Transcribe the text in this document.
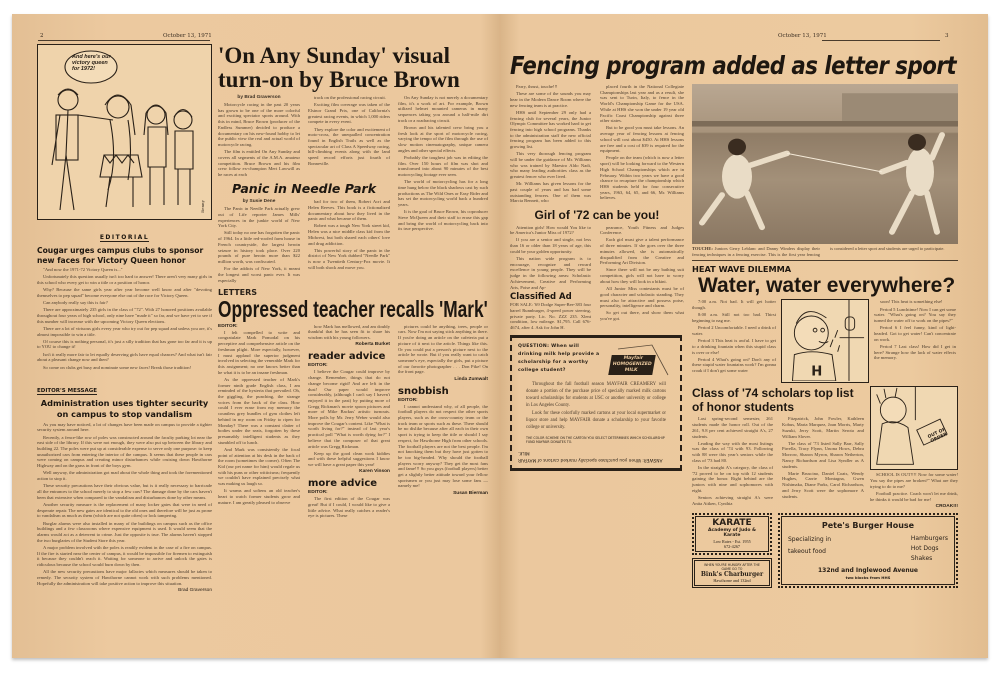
2	October 13, 1971
And here's our victory queen for 1972!
Benny
EDITORIAL
Cougar urges campus clubs to sponsor new faces for Victory Queen honor

"And now the 1971-72 Victory Queen is..."

Unfortunately this question usually isn't too hard to answer! There aren't very many girls in this school who every get to win a title or a position of honor.

Why? Because the same girls year after year become well know and after "devoting themselves to pep squad" become everyone else out of the race for Victory Queen.

Can anybody really say this is fair?

There are approximately 235 girls in the class of "72". With 27 honored positions available throughout four years of high school, only nine have "made it" so far, and we have yet to see if this number will increase with the upcoming Victory Queen elections.

There are a lot of virtuous girls every year who try out for pep squad and unless you are, it's almost impossible to win a title.

Of course this is nothing personal, it's just a silly tradition that has gone too far and it is up to YOU to change it!

Isn't it really more fair to let equally deserving girls have equal chances? And what isn't fair about a pleasant change now and then?

So come on clubs get busy and nominate some new faces! Break those tradition!

EDITOR'S MESSAGE
Administration uses tighter security on campus to stop vandalism

As you may have noticed, a lot of changes have been made on campus to provide a tighter security system around here.

Recently, a fence-like row of poles was constructed around the faculty parking lot near the east side of the library. If this were not enough, they were also put up between the library and building 22. The poles were put up at considerable expense to serve only one purpose: to keep unauthorized cars from entering the interior of the campus. It seems that these people in cars were coming on campus and creating minor disturbances while cruising down Hawthorne Highway and on the grass in front of the boys gym.

Well anyway, the administration got mad about the whole thing and took the forementioned action to stop it.

These security precautions have their obvious value, but is it really necessary to barricade all the entrances to the school merely to stop a few cars? The damage done by the cars haven't been that extensive when compared to the vandalism and disturbances done by other means.

Another security measure is the replacement of many locker gates that were in need of desperate repair. The new gates are identical to the old ones and therefore will be just as prone to vandalism as much as them (which are not quite often) or lock tampering.

Burglar alarms were also installed in many of the buildings on campus such as the office buildings and a few classrooms where expensive equipment is used. It would seem that the alarms would act as a deterrent to crime. Just the opposite is true. The alarms haven't stopped the two burglaries of the Student Store this year.

A major problem involved with the poles is readily evident in the case of a fire on campus. If the fire is started near the center of campus, it would be impossible for firemen to extinguish it because they couldn't reach it. Waiting for someone to arrive and unlock the gates is ridiculous because the school would burn down by then.

All the new security precautions have major fallacies which measures should be taken to remedy. The security system of Hawthorne cannot work with such problems mentioned. Hopefully the administration will take positive action to improve this situation.

Brad Graverson
'On Any Sunday' visual turn-on by Bruce Brown
by Brad Graverson

Motorcycle racing in the past 20 years has grown to be one of the more colorful and exciting spectator sports around. With this in mind, Bruce Brown (producer of the Endless Summer) decided to produce a documentary on his new-found hobby to let the public view the real and actual world of motorcycle racing.

The film is entitled On Any Sunday and covers all segments of the A.M.A. amateur competition. Bruce Brown and his film crew follow ex-champion Mert Lawwill as he races at each

track on the professional racing circuit.

Exciting film coverage was taken of the Elsinor Grand Prix, one of California's greatest racing events, in which 1,000 riders compete in every event.

They explore the color and excitement of moto-cross, the unequalled concentration found in English Trails as well as the spectacular art of Class A Speedway racing, hill-climbing events along with the land speed record efforts just fourth of Bonneville.

On Any Sunday is not merely a documentary film, it's a work of art. For example, Brown utilized helmet mounted cameras in many sequences taking you around a half-mile dirt track or a roadracing circuit.

Brown and his talented crew bring you a fresh look at the sport of motorcycle racing, varying the tempo of the film through the use of slow motion cinematography, unique camera angles and other special effects.

Probably the toughest job was in editing the film. Over 150 hours of film was shot and transformed into about 90 minutes of the best motorcycling footage ever seen.

The world of motorcycling has for a long time hung below the black shadows cast by such productions as The Wild Ones or Easy Rider and has set the motorcycling world back a hundred years.

It is the goal of Bruce Brown, his coproducer Steve McQueen and their staff to erase this gap and bring the world of motorcycling back into its true perspective.

Panic in Needle Park
by Susie Dene

The Panic in Needle Park actually grew out of Life reporter James Mills' experiences in the junkie world of New York City.

Still today no one has forgotten the panic of 1964. In a little red-roofed farm house in French countryside, the largest heroin seizure in history took place. Over 220 pounds of pure heroin more than $22 million worth, was confiscated.

For the addicts of New York, it meant the longest and worst panic ever. It was especially

bad for two of them, Robert Acri and Helen Reeves. This book is a fictionalized documentary about how they lived in the panic and what became of them.

Robert was a tough New York street kid, Helen was a nice middle class kid from the Midwest, but both shared each others' love and drug addiction.

This powerful story of the panic in the district of New York dubbed "Needle Park" is now a Twentieth Century-Fox movie. It will both shock and move you.

LETTERS
Oppressed teacher recalls 'Mark'
EDITOR:

I felt compelled to write and congratulate Mark Pomodal on his perceptive and comprehensive article on the freshman plight. More especially, however, I must applaud the superior judgment involved in selecting the venerable Mark for this assignment; no one knows better than he what it is to be an insane freshman.

As the oppressed teacher of Mark's former ninth grade English class, I am reminded of the hysteria that prevailed. Oh, the giggling, the punching, the strange voices from the back of the class. How could I ever erase from my memory the countless grey bundles of gym clothes left behind in my room on Friday to ripen for Monday? There was a constant clatter of bodies under the seats, forgotten by these presumably intelligent students as they stumbled off to lunch.

And Mark was consistently the focal point of attention at his desk in the back of the room (sometimes the corner). Often The Kid (our pet name for him) would regale us with his puns or other witticisms; frequently we couldn't have explained precisely what was making us laugh so.

It warms and softens an old teacher's heart to watch former students grow and mature. I am greatly pleased to observe

how Mark has mellowed, and am doubly thankful that he has seen fit to share his wisdom with his young followers.

Roberta Burket
reader advice
EDITOR:

I believe the Cougar could improve by change. Remember, things that do not change become rigid! And are left in the dust! Our paper would improve considerably, (although I can't say I haven't enjoyed it in the past) by putting more of Gregg Rickman's movie spoon pictures and more of Mike Backus' artistic turnouts. More polls by Mr. Jerry Weber would also improve the Cougar's content. Like "What is worth living for?" instead of last year's practical poll "What is worth dying for?" I believe that the composer of that great article was Gregg Rickman.

Keep up the good clean work kiddies and with these helpful suggestions I know we will have a great paper this year!

Karen Vinson
more advice
EDITOR:

The first edition of the Cougar was great! But if I could, I would like to give a little advice. What really catches a reader's eye is pictures. These

pictures could be anything, trees, people or cars. Now I'm not saying stick anything in there. If you're doing an article on the cafeteria put a picture of it next to the article. Things like this. Or you could put a person's picture next to the article he wrote. But if you really want to catch someone's eye, especially the girls, put a picture of our favorite photographer . . . Don Pike! On the front page.

Linda Zumwalt
snobbish
EDITOR:

I cannot understand why, of all people, the football players do not respect the other sports players, such as the cross-country team or the track team or sports such as these. There should be no dislike because after all each in their own sport is trying to keep the title or should I say respect, for Hawthorne High from other schools. The football players are not the best people. I'm not knocking them but they have just gotten to be too big-headed. Why should the football players worry anyway? They get the most fans and fame!!! So you guys (football players) better get a slightly better attitude toward your fellow sportsmen or you just may lose some fans —namely me!

Susan Bierman
October 13, 1971	3
Fencing program added as letter sport

Parry, thrust, touche!!!

These are some of the sounds you may hear in the Modern Dance Room where the new fencing team is at practice.

HHS until September 29 only had a fencing club for several years, the Junior Olympic Committee has worked hard to get fencing into high school programs. Thanks to the administration staff the new official fencing program has been added to this growing list.

This very thorough fencing program will be under the guidance of Mr. Williams who was trained by Maestro Aldo Nadi, who many leading authorities class as the greatest fencer who ever lived.

Mr. Williams has given lessons for the past couple of years and has had some outstanding fencers. One of them was Marcia Bennett, who

placed fourth in the National Collegiate Championships last year and as a result, she was sent to Turin, Italy, to fence in the World's Championship Game for the USA. While at HHS she won the under 19 year old Pacific Coast Championship against three other states.

But to be good you must take lessons. An average year of fencing lessons at fencing school will cost about $450. At HHS lessons are free and a cost of $39 is required for the equipment.

People on the team (which is now a letter sport) will be looking forward to the Western High School Championships which are in February. Within two years we have a good chance to recapture the championship which HHS students held for four consecutive years, 1963, 64, 65, and 66, Mr. Williams believes.

Girl of '72 can be you!

Attention girls! How would You like to be America's Junior Miss of 1972?

If you are a senior and single, not less than 16 or older than 18 years of age, this could be your golden opportunity.

This nation wide program is to encourage, recognize and reward excellence in young people. They will be judge in the following areas: Scholastic Achievement, Creative and Performing Arts, Poise and Ap-

Classified Ad
FOR SALE: '69 Dodge Super-Bee-383 four barrel Runnburger, 4-speed power steering, private party. Lic. No. ZZZ 235. Xlent condition, low mileage. $1,795. Call 676-4674, after 4. Ask for John H.

pearance, Youth Fitness and Judges Conference.

Each girl must give a talent performance of three minutes. If she goes over the three minutes allowed, she is automatically disqualified from the Creative and Performing Art Division.

Since there will not be any bathing suit competition, girls will not have to worry about how they will look in a bikini.

All Junior Miss contestants must be of good character and scholastic standing. They must also be attractive and possess poise, personality, intelligence and charm.

So get out there, and show them what you've got.

QUESTION: When will drinking milk help provide a scholarship for a worthy college student?
Mayfair HOMOGENIZED MILK

Throughout the fall football season MAYFAIR CREAMERY will donate a portion of the purchase price of specially marked milk cartons toward scholarships for students at USC or another university or college in Los Angeles County.

Look for these colorfully marked cartons at your local supermarket or liquor store and help MAYFAIR donate a scholarship to your favorite college or university.

THE COLOR SCHEME ON THE CARTON YOU SELECT DETERMINES WHICH SCHOLARSHIP FUND MAYFAIR DONATES TO.
ANSWER: When you purchase specially marked cartons of MAYFAIR MILK.
TOUCHE: Juniors Gerry Leblanc and Danny Winders display their fencing techniques in a fencing exercise. This is the first year fencing is considered a letter sport and students are urged to participate.
HEAT WAVE DILEMMA
Water, water everywhere?

7:00 a.m. Not bad. It will get hotter though.

8:00 a.m. Still not too bad. Thirst beginning to nag me.

Period 2 Uncomfortable. I need a drink of water.

Period 3 This heat is awful. I have to get to a drinking fountain when this stupid class is over or else!

Period 4 What's going on? Don't any of these stupid water fountains work? I'm gonna croak if I don't get some water	H

soon! This heat is something else!

Period 5 Lunchtime! Now I can get some water. "What's going on? You say they turned the water off to work on the pipes?"

Period 6 I feel funny, kind of light-headed. Got to get water! Can't concentrate on work.

Period 7 Last class! How did I get in here? Strange how the lack of water effects the memory.

Class of '74 scholars top list of honor students

Last spring-second semester, 261 students made the honor roll. Out of the 261, 9.8 per cent achieved straight A's, 27 students.

Leading the way with the most listings was the class of '74 with 93. Following with 88 were this year's seniors while the class of '73 had 80.

In the straight A's category, the class of '72 proved to be on top with 12 students gaining the honor. Right behind are the juniors with nine and sophomores with eight.

Seniors achieving straight A's were Anita Aitken, Cynthia

Fitzpatrick, John Fowler, Kathleen Kobus, Maria Marquez, Joan Morris, Marty Suzuki, Jerry Scott, Martin Serota and William Slover.

The class of '73 listed Sally Barr, Sally Pirrella, Tracy Flynn, Unona Hows, Debra Morrow, Sharon Myron, Sharon Netherton, Nancy Richardson and Lisa Syndler as A students.

Marie Bruscino, Daniel Coats, Wendy Hughes, Carrie Montagna, Gwen Nishimaka, Diane Parks, Carol Richardson, and Jerry Scott were the sophomore A students.

OUT OF ORDER

SCHOOL IS OUT!!!! Now for some water! You say the pipes are broken?" What are they trying to do to me?

Football practice. Coach won't let me drink, he thinks it would be bad for me!

CROAK!!!
KARATE
Academy of Judo & Karate
Low Rates - Est. 1955
672-4267
WHEN YOU'RE HUNGRY AFTER THE GAME GO TO
Bink's Charburger
Hawthorne and 132nd
Pete's Burger House
Specializing in
takeout food
Hamburgers
Hot Dogs
Shakes
132nd and Inglewood Avenue
two blocks from HHS
